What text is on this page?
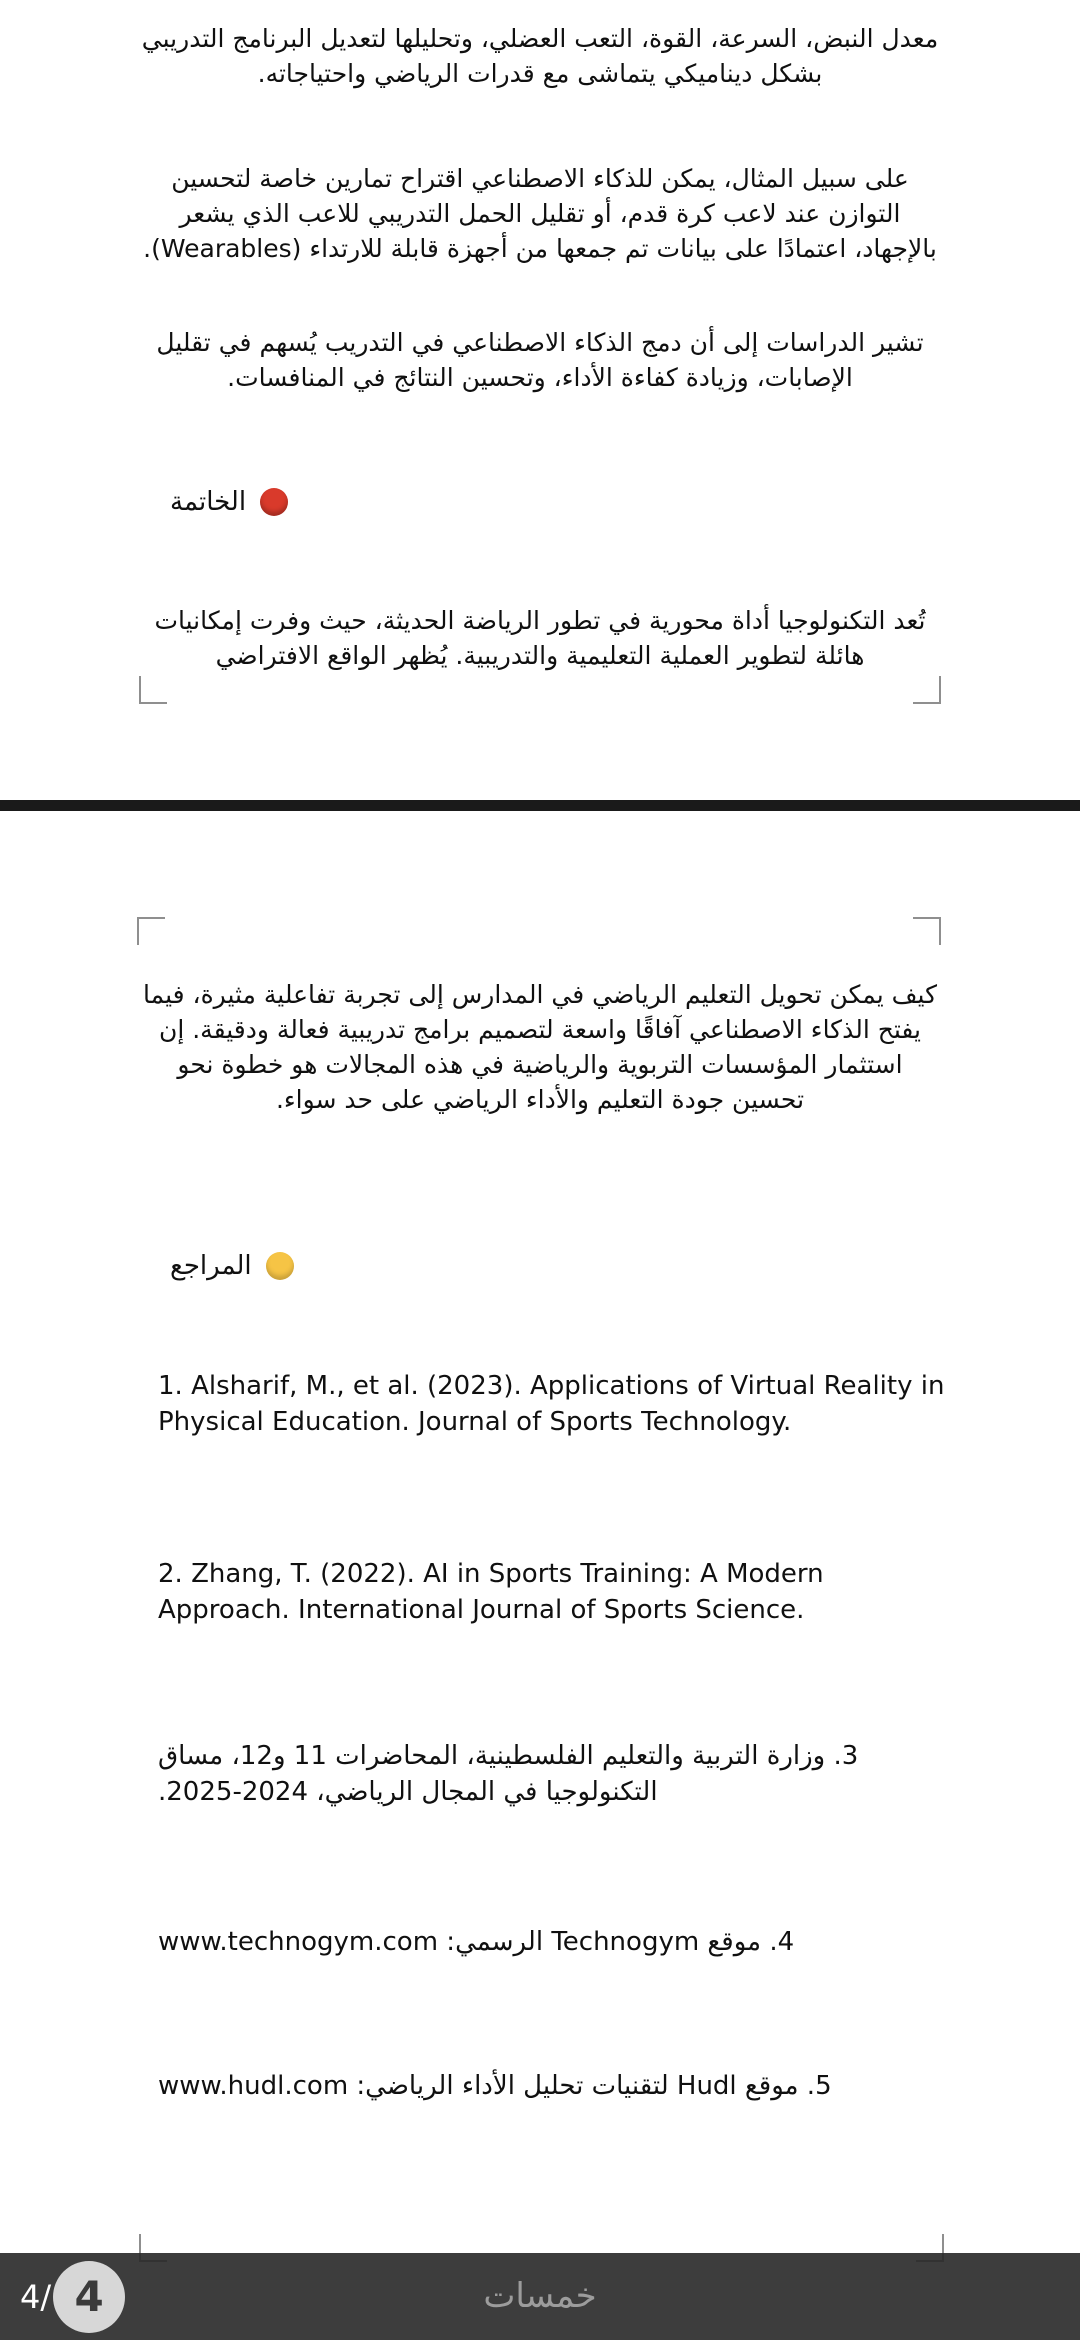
معدل النبض، السرعة، القوة، التعب العضلي، وتحليلها لتعديل البرنامج التدريبي بشكل ديناميكي يتماشى مع قدرات الرياضي واحتياجاته.

على سبيل المثال، يمكن للذكاء الاصطناعي اقتراح تمارين خاصة لتحسين التوازن عند لاعب كرة قدم، أو تقليل الحمل التدريبي للاعب الذي يشعر بالإجهاد، اعتمادًا على بيانات تم جمعها من أجهزة قابلة للارتداء (Wearables).

تشير الدراسات إلى أن دمج الذكاء الاصطناعي في التدريب يُسهم في تقليل الإصابات، وزيادة كفاءة الأداء، وتحسين النتائج في المنافسات.

الخاتمة

تُعد التكنولوجيا أداة محورية في تطور الرياضة الحديثة، حيث وفرت إمكانيات هائلة لتطوير العملية التعليمية والتدريبية. يُظهر الواقع الافتراضي

كيف يمكن تحويل التعليم الرياضي في المدارس إلى تجربة تفاعلية مثيرة، فيما يفتح الذكاء الاصطناعي آفاقًا واسعة لتصميم برامج تدريبية فعالة ودقيقة. إن استثمار المؤسسات التربوية والرياضية في هذه المجالات هو خطوة نحو تحسين جودة التعليم والأداء الرياضي على حد سواء.

المراجع

1. Alsharif, M., et al. (2023). Applications of Virtual Reality in Physical Education. Journal of Sports Technology.

2. Zhang, T. (2022). AI in Sports Training: A Modern Approach. International Journal of Sports Science.

3. وزارة التربية والتعليم الفلسطينية، المحاضرات 11 و12، مساق التكنولوجيا في المجال الرياضي، 2024-2025.

4. موقع Technogym الرسمي: www.technogym.com

5. موقع Hudl لتقنيات تحليل الأداء الرياضي: www.hudl.com

خمسات
4/ 4
